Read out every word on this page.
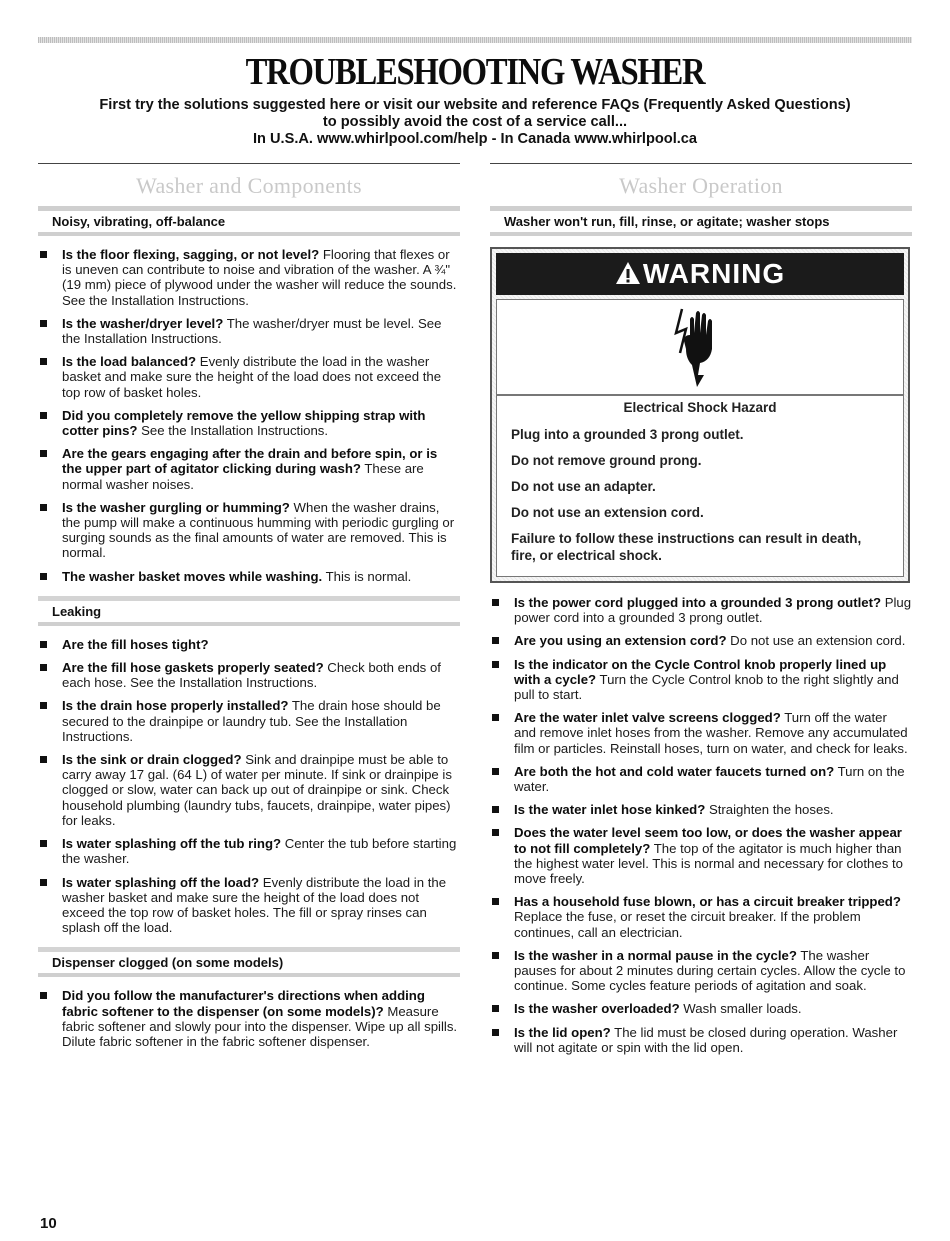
TROUBLESHOOTING WASHER
First try the solutions suggested here or visit our website and reference FAQs (Frequently Asked Questions)
to possibly avoid the cost of a service call...
In U.S.A. www.whirlpool.com/help - In Canada www.whirlpool.ca
Washer and Components
Noisy, vibrating, off-balance
Is the floor flexing, sagging, or not level? Flooring that flexes or is uneven can contribute to noise and vibration of the washer. A ¾" (19 mm) piece of plywood under the washer will reduce the sounds. See the Installation Instructions.
Is the washer/dryer level? The washer/dryer must be level. See the Installation Instructions.
Is the load balanced? Evenly distribute the load in the washer basket and make sure the height of the load does not exceed the top row of basket holes.
Did you completely remove the yellow shipping strap with cotter pins? See the Installation Instructions.
Are the gears engaging after the drain and before spin, or is the upper part of agitator clicking during wash? These are normal washer noises.
Is the washer gurgling or humming? When the washer drains, the pump will make a continuous humming with periodic gurgling or surging sounds as the final amounts of water are removed. This is normal.
The washer basket moves while washing. This is normal.
Leaking
Are the fill hoses tight?
Are the fill hose gaskets properly seated? Check both ends of each hose. See the Installation Instructions.
Is the drain hose properly installed? The drain hose should be secured to the drainpipe or laundry tub. See the Installation Instructions.
Is the sink or drain clogged? Sink and drainpipe must be able to carry away 17 gal. (64 L) of water per minute. If sink or drainpipe is clogged or slow, water can back up out of drainpipe or sink. Check household plumbing (laundry tubs, faucets, drainpipe, water pipes) for leaks.
Is water splashing off the tub ring? Center the tub before starting the washer.
Is water splashing off the load? Evenly distribute the load in the washer basket and make sure the height of the load does not exceed the top row of basket holes. The fill or spray rinses can splash off the load.
Dispenser clogged (on some models)
Did you follow the manufacturer's directions when adding fabric softener to the dispenser (on some models)? Measure fabric softener and slowly pour into the dispenser. Wipe up all spills. Dilute fabric softener in the fabric softener dispenser.
Washer Operation
Washer won't run, fill, rinse, or agitate; washer stops
WARNING
Electrical Shock Hazard
Plug into a grounded 3 prong outlet.
Do not remove ground prong.
Do not use an adapter.
Do not use an extension cord.
Failure to follow these instructions can result in death, fire, or electrical shock.
Is the power cord plugged into a grounded 3 prong outlet? Plug power cord into a grounded 3 prong outlet.
Are you using an extension cord? Do not use an extension cord.
Is the indicator on the Cycle Control knob properly lined up with a cycle? Turn the Cycle Control knob to the right slightly and pull to start.
Are the water inlet valve screens clogged? Turn off the water and remove inlet hoses from the washer. Remove any accumulated film or particles. Reinstall hoses, turn on water, and check for leaks.
Are both the hot and cold water faucets turned on? Turn on the water.
Is the water inlet hose kinked? Straighten the hoses.
Does the water level seem too low, or does the washer appear to not fill completely? The top of the agitator is much higher than the highest water level. This is normal and necessary for clothes to move freely.
Has a household fuse blown, or has a circuit breaker tripped? Replace the fuse, or reset the circuit breaker. If the problem continues, call an electrician.
Is the washer in a normal pause in the cycle? The washer pauses for about 2 minutes during certain cycles. Allow the cycle to continue. Some cycles feature periods of agitation and soak.
Is the washer overloaded? Wash smaller loads.
Is the lid open? The lid must be closed during operation. Washer will not agitate or spin with the lid open.
10
